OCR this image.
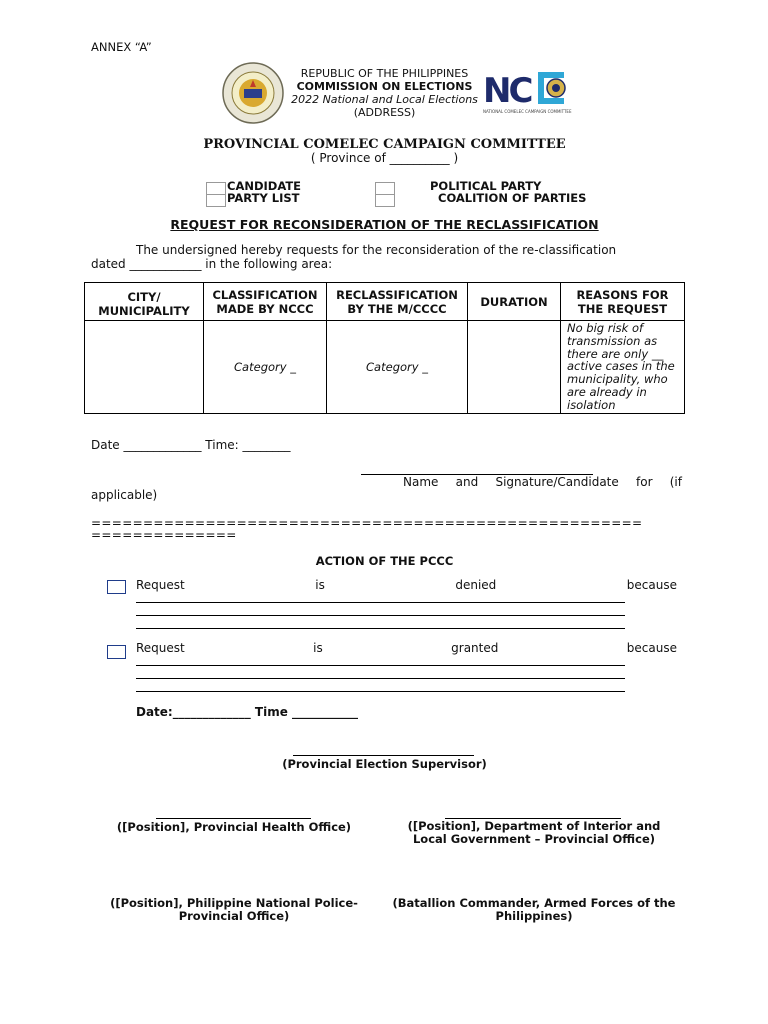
ANNEX “A”
REPUBLIC OF THE PHILIPPINES
COMMISSION ON ELECTIONS
2022 National and Local Elections
(ADDRESS)
NC
NATIONAL COMELEC CAMPAIGN COMMITTEE
PROVINCIAL COMELEC CAMPAIGN COMMITTEE
( Province of __________ )
CANDIDATE
PARTY LIST
POLITICAL PARTY
COALITION OF PARTIES
REQUEST FOR RECONSIDERATION OF THE RECLASSIFICATION
The undersigned hereby requests for the reconsideration of the re-classification
dated ____________ in the following area:
CITY/ MUNICIPALITY	CLASSIFICATION MADE BY NCCC	RECLASSIFICATION BY THE M/CCCC	DURATION	REASONS FOR THE REQUEST
	Category _	Category _		No big risk of transmission as there are only __ active cases in the municipality, who are already in isolation
Date _____________ Time: ________
Name and Signature/Candidate for (if applicable)
=====================================================
==============
ACTION OF THE PCCC
Request	is	denied	because
Request	is	granted	because
Date:_____________ Time ___________
(Provincial Election Supervisor)
([Position], Provincial Health Office)	([Position], Department of Interior and Local Government – Provincial Office)
([Position], Philippine National Police- Provincial Office)
(Batallion Commander, Armed Forces of the Philippines)
